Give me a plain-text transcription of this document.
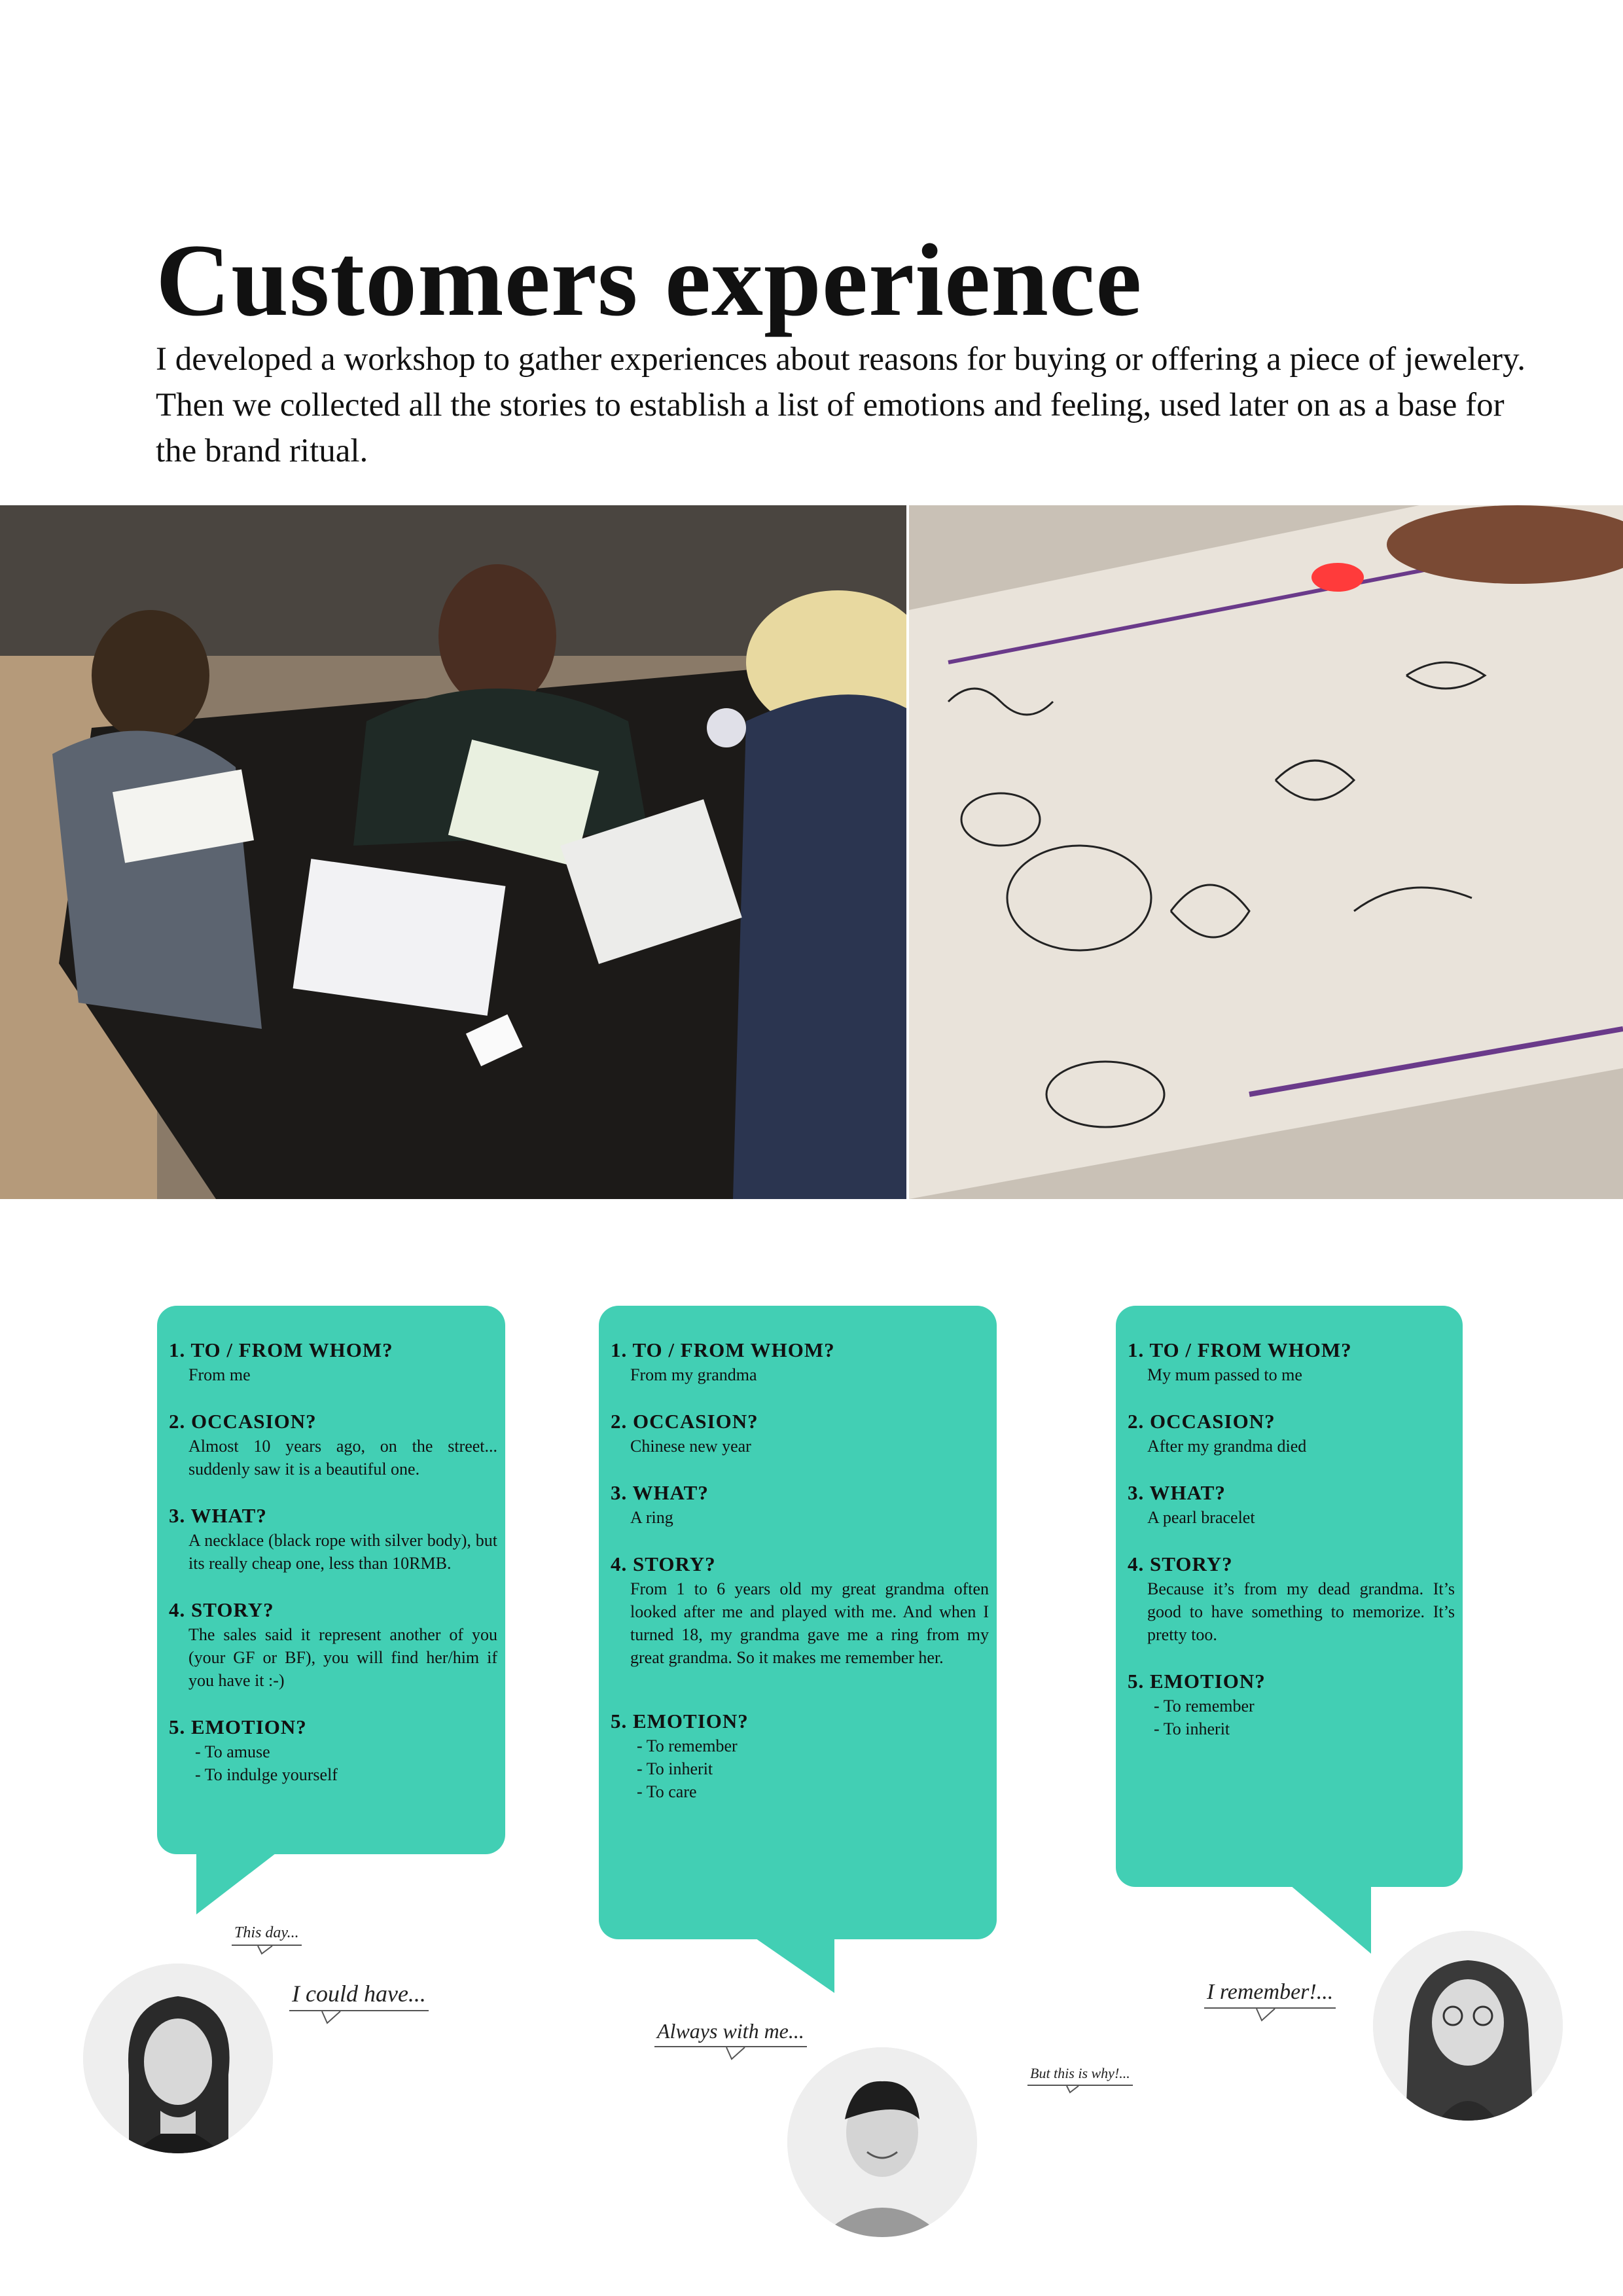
Customers experience

I developed a workshop to gather experiences about reasons for buying or offering a piece of jewelery. Then we collected all the stories to establish a list of emotions and feeling, used later on as a base for the brand ritual.

1. TO / FROM WHOM?

From me

2. OCCASION?

Almost 10 years ago, on the street... suddenly saw it is a beautiful one.

3. WHAT?

A necklace (black rope with silver body), but its really cheap one, less than 10RMB.

4. STORY?

The sales said it represent another of you (your GF or BF), you will find her/him if you have it :-)

5. EMOTION?

- To amuse
- To indulge yourself

1. TO / FROM WHOM?

From my grandma

2. OCCASION?

Chinese new year

3. WHAT?

A ring

4. STORY?

From 1 to 6 years old my great grandma often looked after me and played with me. And when I turned 18, my grandma gave me a ring from my great grandma. So it makes me remember her.

5. EMOTION?

- To remember
- To inherit
- To care

1. TO / FROM WHOM?

My mum passed to me

2. OCCASION?

After my grandma died

3. WHAT?

A pearl bracelet

4. STORY?

Because it’s from my dead grandma. It’s good to have something to memorize. It’s pretty too.

5. EMOTION?

- To remember
- To inherit
This day...
I could have...
Always with me...
But this is why!...
I remember!...
